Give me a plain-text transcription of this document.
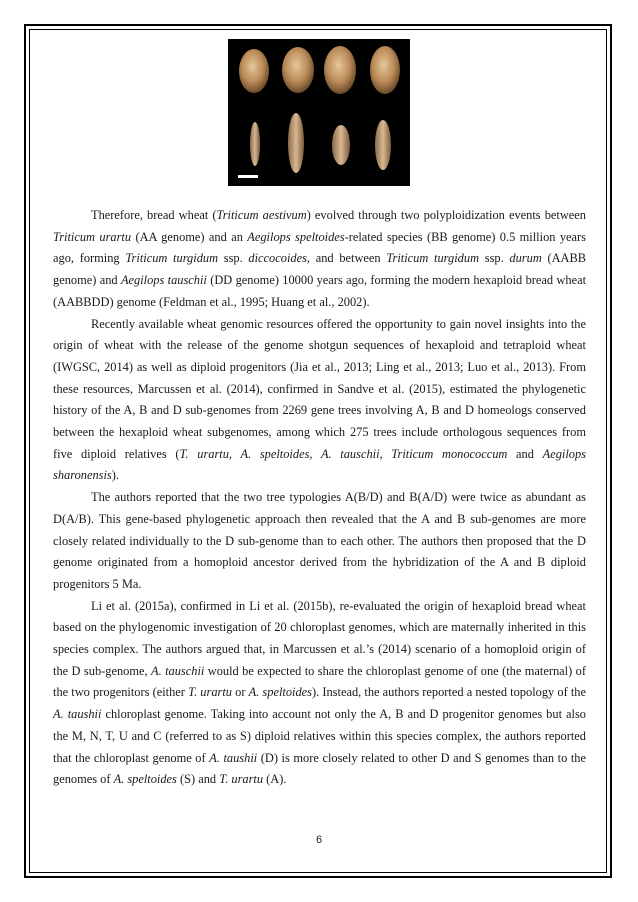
Therefore, bread wheat (Triticum aestivum) evolved through two polyploidization events between Triticum urartu (AA genome) and an Aegilops speltoides-related species (BB genome) 0.5 million years ago, forming Triticum turgidum ssp. diccocoides, and between Triticum turgidum ssp. durum (AABB genome) and Aegilops tauschii (DD genome) 10000 years ago, forming the modern hexaploid bread wheat (AABBDD) genome (Feldman et al., 1995; Huang et al., 2002).

Recently available wheat genomic resources offered the opportunity to gain novel insights into the origin of wheat with the release of the genome shotgun sequences of hexaploid and tetraploid wheat (IWGSC, 2014) as well as diploid progenitors (Jia et al., 2013; Ling et al., 2013; Luo et al., 2013). From these resources, Marcussen et al. (2014), confirmed in Sandve et al. (2015), estimated the phylogenetic history of the A, B and D sub-genomes from 2269 gene trees involving A, B and D homeologs conserved between the hexaploid wheat subgenomes, among which 275 trees include orthologous sequences from five diploid relatives (T. urartu, A. speltoides, A. tauschii, Triticum monococcum and Aegilops sharonensis).

The authors reported that the two tree typologies A(B/D) and B(A/D) were twice as abundant as D(A/B). This gene-based phylogenetic approach then revealed that the A and B sub-genomes are more closely related individually to the D sub-genome than to each other. The authors then proposed that the D genome originated from a homoploid ancestor derived from the hybridization of the A and B diploid progenitors 5 Ma.

Li et al. (2015a), confirmed in Li et al. (2015b), re-evaluated the origin of hexaploid bread wheat based on the phylogenomic investigation of 20 chloroplast genomes, which are maternally inherited in this species complex. The authors argued that, in Marcussen et al.’s (2014) scenario of a homoploid origin of the D sub-genome, A. tauschii would be expected to share the chloroplast genome of one (the maternal) of the two progenitors (either T. urartu or A. speltoides). Instead, the authors reported a nested topology of the A. taushii chloroplast genome. Taking into account not only the A, B and D progenitor genomes but also the M, N, T, U and C (referred to as S) diploid relatives within this species complex, the authors reported that the chloroplast genome of A. taushii (D) is more closely related to other D and S genomes than to the genomes of A. speltoides (S) and T. urartu (A).

6
